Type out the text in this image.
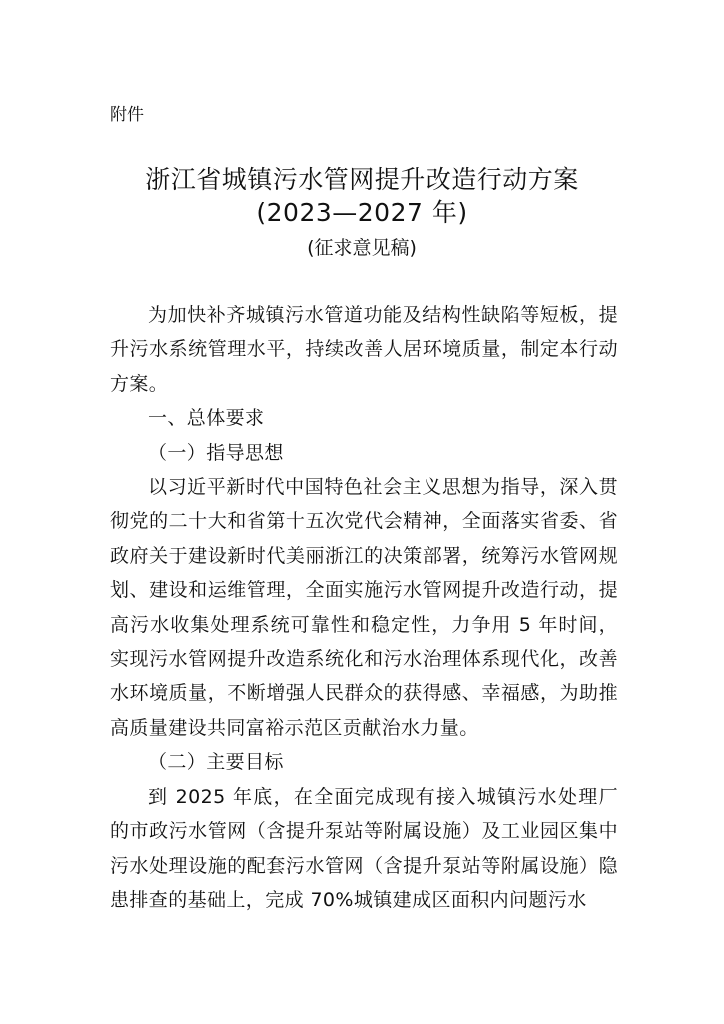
附件
浙江省城镇污水管网提升改造行动方案
(2023—2027 年)
(征求意见稿)

为加快补齐城镇污水管道功能及结构性缺陷等短板，提升污水系统管理水平，持续改善人居环境质量，制定本行动方案。

一、总体要求

（一）指导思想

以习近平新时代中国特色社会主义思想为指导，深入贯彻党的二十大和省第十五次党代会精神，全面落实省委、省政府关于建设新时代美丽浙江的决策部署，统筹污水管网规划、建设和运维管理，全面实施污水管网提升改造行动，提高污水收集处理系统可靠性和稳定性，力争用 5 年时间，实现污水管网提升改造系统化和污水治理体系现代化，改善水环境质量，不断增强人民群众的获得感、幸福感，为助推高质量建设共同富裕示范区贡献治水力量。

（二）主要目标

到 2025 年底，在全面完成现有接入城镇污水处理厂的市政污水管网（含提升泵站等附属设施）及工业园区集中污水处理设施的配套污水管网（含提升泵站等附属设施）隐患排查的基础上，完成 70%城镇建成区面积内问题污水
